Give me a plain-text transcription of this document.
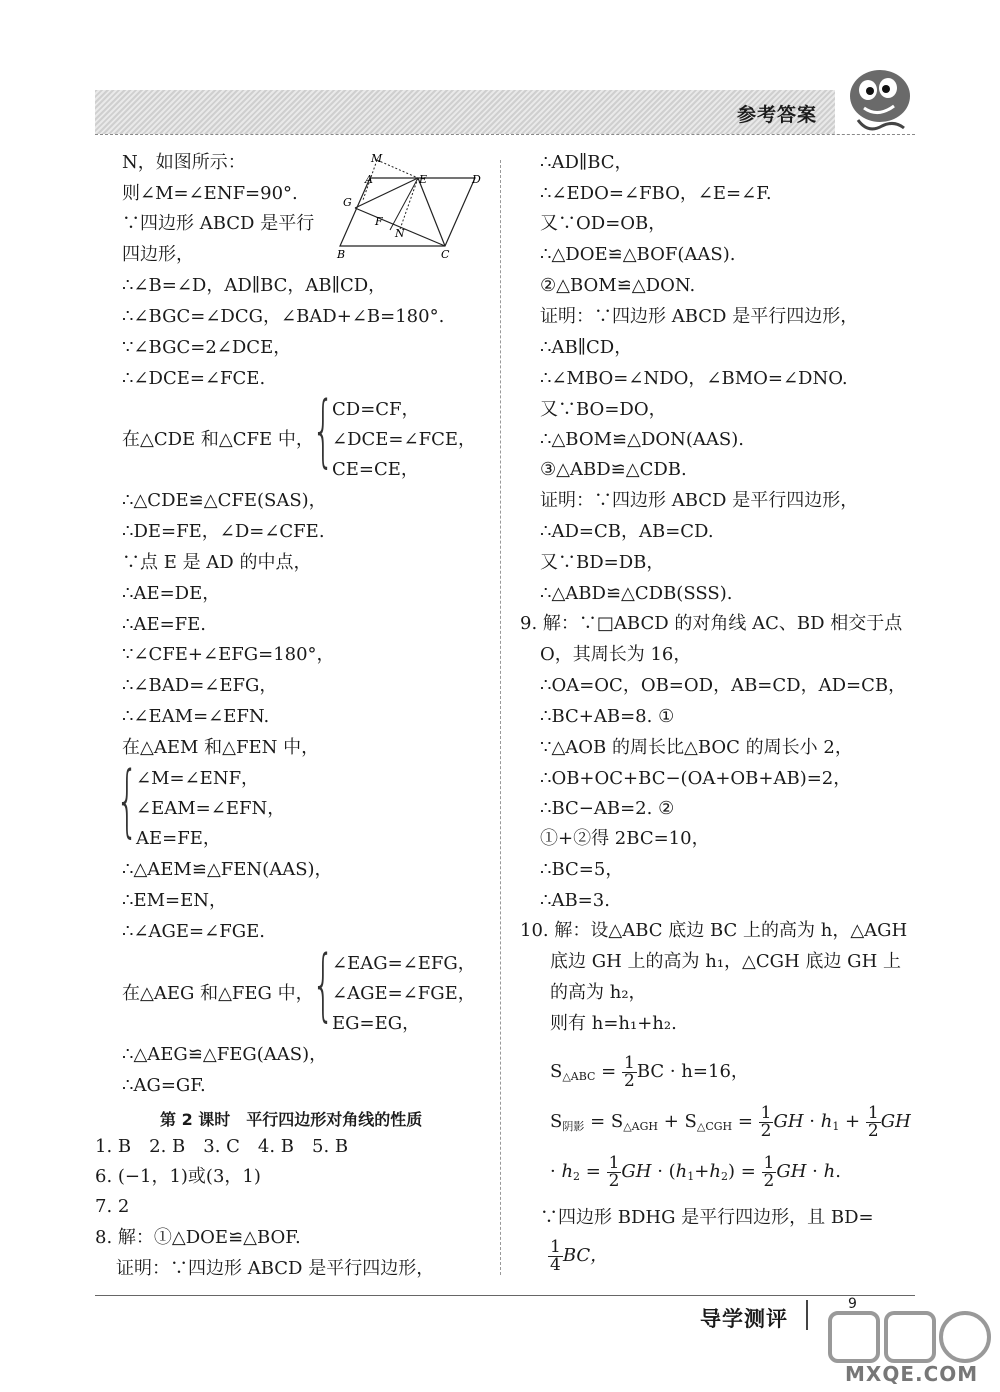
参考答案
M
A	E	D
G
F
N
B	C
N，如图所示：
则∠M=∠ENF=90°.
∵四边形 ABCD 是平行
四边形，
∴∠B=∠D，AD∥BC，AB∥CD，
∴∠BGC=∠DCG，∠BAD+∠B=180°.
∵∠BGC=2∠DCE，
∴∠DCE=∠FCE.
CD=CF，
在△CDE 和△CFE 中，
{
∠DCE=∠FCE，
CE=CE，
∴△CDE≌△CFE(SAS)，
∴DE=FE，∠D=∠CFE.
∵点 E 是 AD 的中点，
∴AE=DE，
∴AE=FE.
∵∠CFE+∠EFG=180°，
∴∠BAD=∠EFG，
∴∠EAM=∠EFN.
在△AEM 和△FEN 中，
{
∠M=∠ENF，
∠EAM=∠EFN，
AE=FE，
∴△AEM≌△FEN(AAS)，
∴EM=EN，
∴∠AGE=∠FGE.
∠EAG=∠EFG，
{
在△AEG 和△FEG 中， ∠AGE=∠FGE，
EG=EG，
∴△AEG≌△FEG(AAS)，
∴AG=GF.
第 2 课时　平行四边形对角线的性质
1. B　2. B　3. C　4. B　5. B
6. (−1，1)或(3，1)
7. 2
8. 解：①△DOE≌△BOF.
证明：∵四边形 ABCD 是平行四边形，
∴AD∥BC，
∴∠EDO=∠FBO，∠E=∠F.
又∵OD=OB，
∴△DOE≌△BOF(AAS).
②△BOM≌△DON.
证明：∵四边形 ABCD 是平行四边形，
∴AB∥CD，
∴∠MBO=∠NDO，∠BMO=∠DNO.
又∵BO=DO，
∴△BOM≌△DON(AAS).
③△ABD≌△CDB.
证明：∵四边形 ABCD 是平行四边形，
∴AD=CB，AB=CD.
又∵BD=DB，
∴△ABD≌△CDB(SSS).
9. 解：∵□ABCD 的对角线 AC、BD 相交于点
O，其周长为 16，
∴OA=OC，OB=OD，AB=CD，AD=CB，
∴BC+AB=8. ①
∵△AOB 的周长比△BOC 的周长小 2，
∴OB+OC+BC−(OA+OB+AB)=2，
∴BC−AB=2. ②
①+②得 2BC=10，
∴BC=5，
∴AB=3.
10. 解：设△ABC 底边 BC 上的高为 h，△AGH
底边 GH 上的高为 h₁，△CGH 底边 GH 上
的高为 h₂，
则有 h=h₁+h₂.
$S_{\triangle ABC} = \frac{1}{2}$ BC · h=16，
$S_{阴影} = S_{\triangle AGH} + S_{\triangle CGH} = \frac{1}{2}$ GH · $h_1 + \frac{1}{2}$ GH
· $h_2 = \frac{1}{2}$ GH · $(h_1+h_2) = \frac{1}{2}$ GH · h.
∵四边形 BDHG 是平行四边形，且 BD=
$\frac{1}{4}$ BC，
导学测评
9
MXQE.COM
